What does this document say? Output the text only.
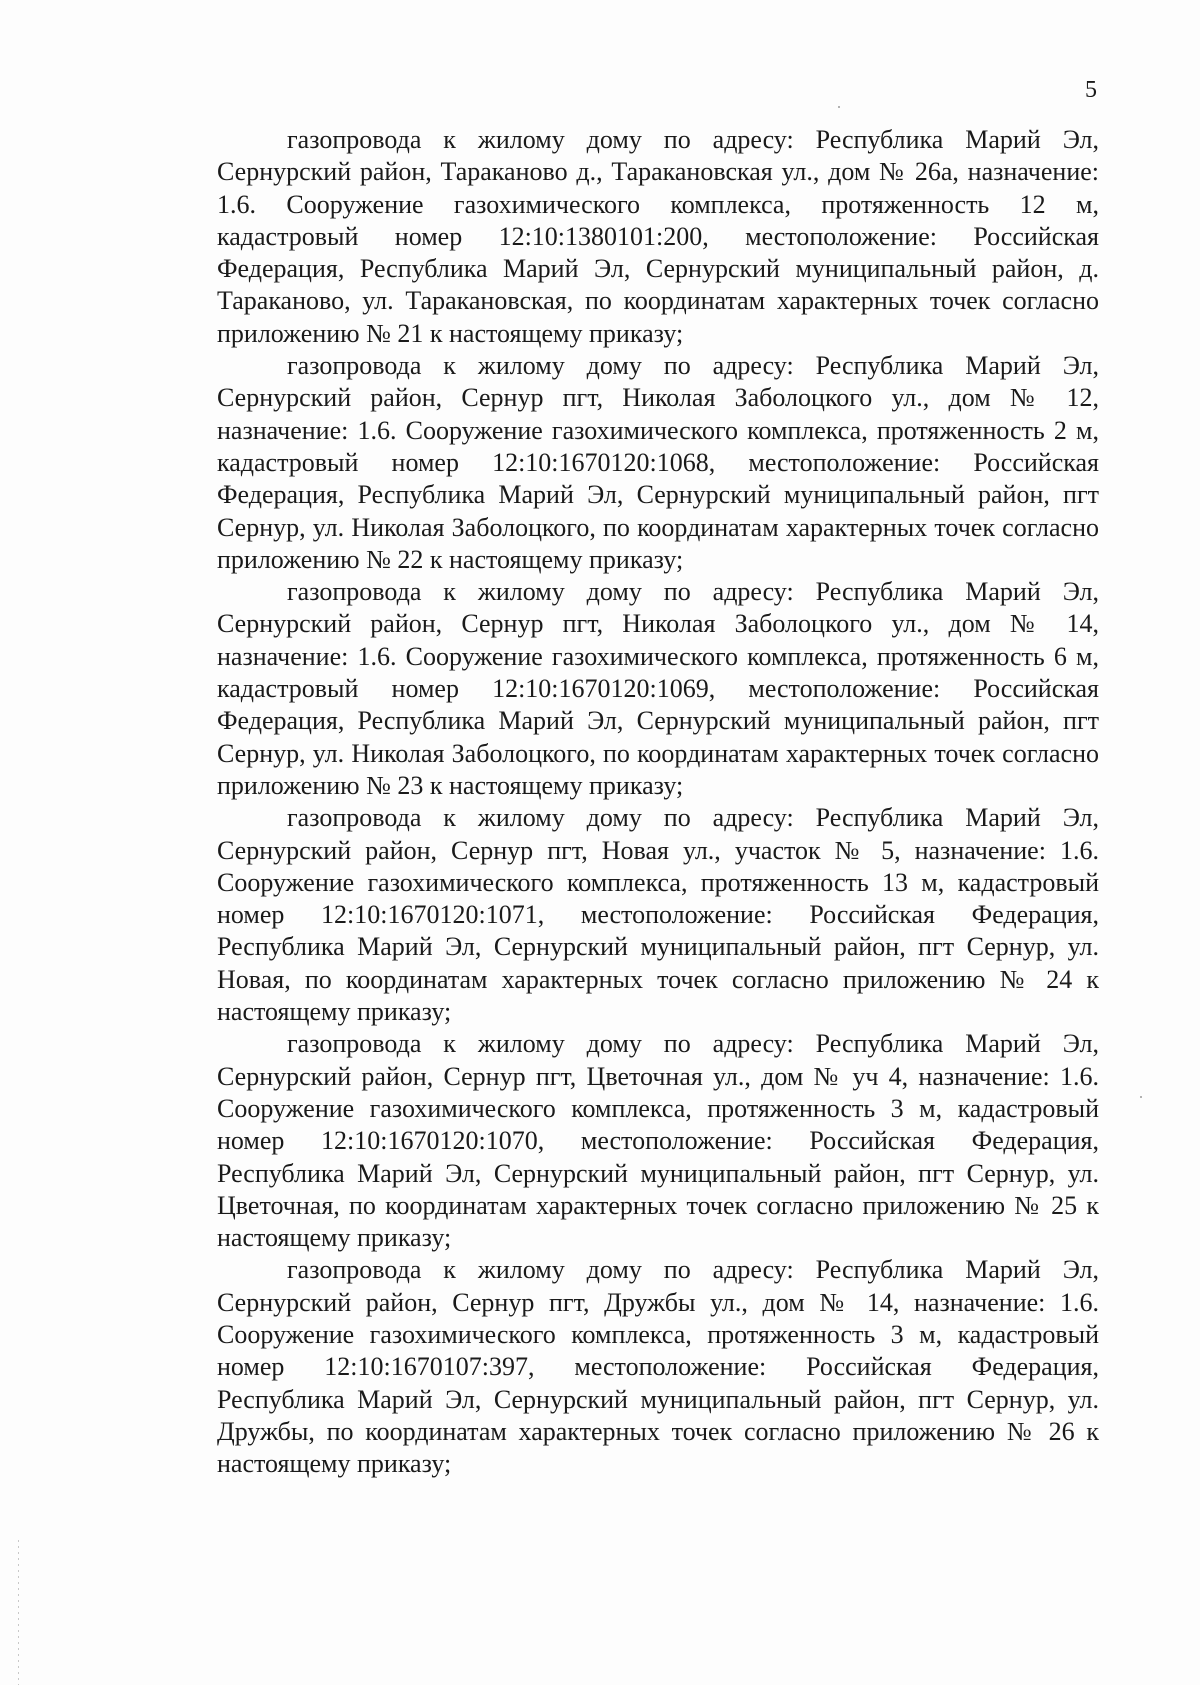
5

газопровода к жилому дому по адресу: Республика Марий Эл, Сернурский район, Тараканово д., Таракановская ул., дом № 26а, назначение: 1.6. Сооружение газохимического комплекса, протяженность 12 м, кадастровый номер 12:10:1380101:200, местоположение: Российская Федерация, Республика Марий Эл, Сернурский муниципальный район, д. Тараканово, ул. Таракановская, по координатам характерных точек согласно приложению № 21 к настоящему приказу;

газопровода к жилому дому по адресу: Республика Марий Эл, Сернурский район, Сернур пгт, Николая Заболоцкого ул., дом № 12, назначение: 1.6. Сооружение газохимического комплекса, протяженность 2 м, кадастровый номер 12:10:1670120:1068, местоположение: Российская Федерация, Республика Марий Эл, Сернурский муниципальный район, пгт Сернур, ул. Николая Заболоцкого, по координатам характерных точек согласно приложению № 22 к настоящему приказу;

газопровода к жилому дому по адресу: Республика Марий Эл, Сернурский район, Сернур пгт, Николая Заболоцкого ул., дом № 14, назначение: 1.6. Сооружение газохимического комплекса, протяженность 6 м, кадастровый номер 12:10:1670120:1069, местоположение: Российская Федерация, Республика Марий Эл, Сернурский муниципальный район, пгт Сернур, ул. Николая Заболоцкого, по координатам характерных точек согласно приложению № 23 к настоящему приказу;

газопровода к жилому дому по адресу: Республика Марий Эл, Сернурский район, Сернур пгт, Новая ул., участок № 5, назначение: 1.6. Сооружение газохимического комплекса, протяженность 13 м, кадастровый номер 12:10:1670120:1071, местоположение: Российская Федерация, Республика Марий Эл, Сернурский муниципальный район, пгт Сернур, ул. Новая, по координатам характерных точек согласно приложению № 24 к настоящему приказу;

газопровода к жилому дому по адресу: Республика Марий Эл, Сернурский район, Сернур пгт, Цветочная ул., дом № уч 4, назначение: 1.6. Сооружение газохимического комплекса, протяженность 3 м, кадастровый номер 12:10:1670120:1070, местоположение: Российская Федерация, Республика Марий Эл, Сернурский муниципальный район, пгт Сернур, ул. Цветочная, по координатам характерных точек согласно приложению № 25 к настоящему приказу;

газопровода к жилому дому по адресу: Республика Марий Эл, Сернурский район, Сернур пгт, Дружбы ул., дом № 14, назначение: 1.6. Сооружение газохимического комплекса, протяженность 3 м, кадастровый номер 12:10:1670107:397, местоположение: Российская Федерация, Республика Марий Эл, Сернурский муниципальный район, пгт Сернур, ул. Дружбы, по координатам характерных точек согласно приложению № 26 к настоящему приказу;
